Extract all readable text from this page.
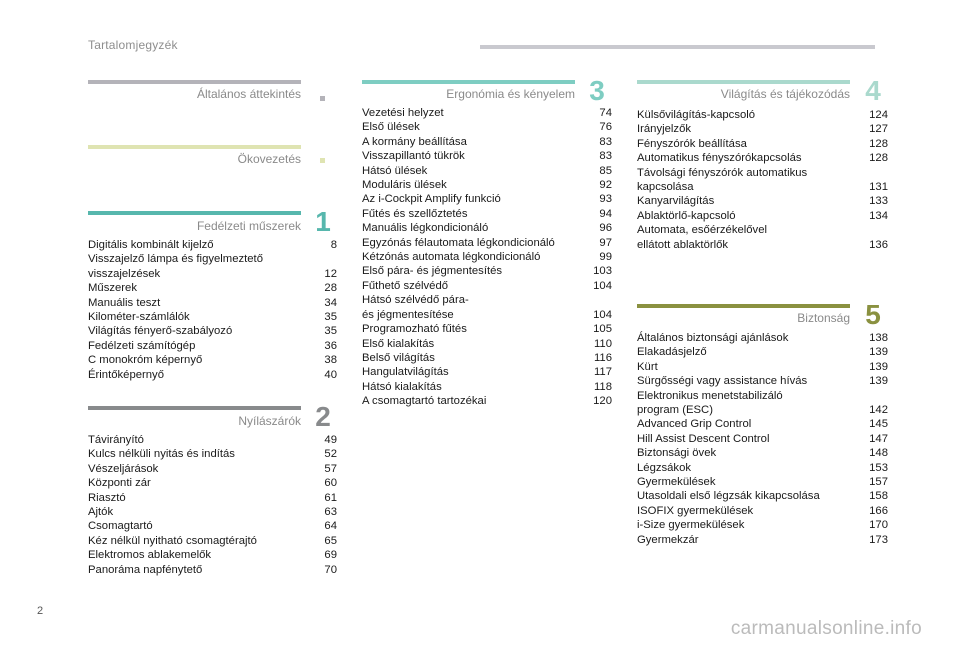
Tartalomjegyzék
Általános áttekintés
Ökovezetés
Fedélzeti műszerek 1
Digitális kombinált kijelző	8
Visszajelző lámpa és figyelmeztető
visszajelzések	12
Műszerek	28
Manuális teszt	34
Kilométer-számlálók	35
Világítás fényerő-szabályozó	35
Fedélzeti számítógép	36
C monokróm képernyő	38
Érintőképernyő	40
Nyílászárók 2
Távirányító	49
Kulcs nélküli nyitás és indítás	52
Vészeljárások	57
Központi zár	60
Riasztó	61
Ajtók	63
Csomagtartó	64
Kéz nélkül nyitható csomagtérajtó	65
Elektromos ablakemelők	69
Panoráma napfénytető	70
Ergonómia és kényelem 3
Vezetési helyzet	74
Első ülések	76
A kormány beállítása	83
Visszapillantó tükrök	83
Hátsó ülések	85
Moduláris ülések	92
Az i-Cockpit Amplify funkció	93
Fűtés és szellőztetés	94
Manuális légkondicionáló	96
Egyzónás félautomata légkondicionáló	97
Kétzónás automata légkondicionáló	99
Első pára- és jégmentesítés	103
Fűthető szélvédő	104
Hátsó szélvédő pára-
és jégmentesítése	104
Programozható fűtés	105
Első kialakítás	110
Belső világítás	116
Hangulatvilágítás	117
Hátsó kialakítás	118
A csomagtartó tartozékai	120
Világítás és tájékozódás 4
Külsővilágítás-kapcsoló	124
Irányjelzők	127
Fényszórók beállítása	128
Automatikus fényszórókapcsolás	128
Távolsági fényszórók automatikus
kapcsolása	131
Kanyarvilágítás	133
Ablaktörlő-kapcsoló	134
Automata, esőérzékelővel
ellátott ablaktörlők	136
Biztonság 5
Általános biztonsági ajánlások	138
Elakadásjelző	139
Kürt	139
Sürgősségi vagy assistance hívás	139
Elektronikus menetstabilizáló
program (ESC)	142
Advanced Grip Control	145
Hill Assist Descent Control	147
Biztonsági övek	148
Légzsákok	153
Gyermekülések	157
Utasoldali első légzsák kikapcsolása	158
ISOFIX gyermekülések	166
i-Size gyermekülések	170
Gyermekzár	173
2
carmanualsonline.info
